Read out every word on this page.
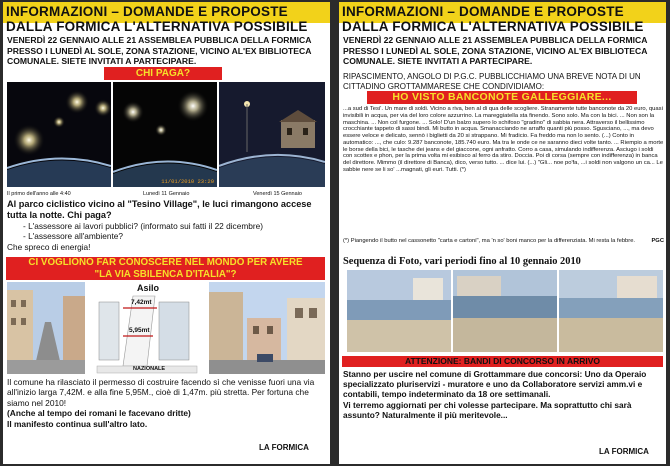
INFORMAZIONI – DOMANDE E PROPOSTE
DALLA FORMICA L'ALTERNATIVA POSSIBILE
VENERDÌ 22 GENNAIO ALLE 21 ASSEMBLEA PUBBLICA DELLA FORMICA PRESSO I LUNEDÌ AL SOLE, ZONA STAZIONE, VICINO AL'EX BIBLIOTECA COMUNALE. SIETE INVITATI A PARTECIPARE.
CHI PAGA?
11/01/2010 23:20
Il primo dell'anno alle 4:40	Lunedì 11 Gennaio	Venerdì 15 Gennaio
Al parco ciclistico vicino al "Tesino Village", le luci rimangono accese tutta la notte. Chi paga?
- L'assessore ai lavori pubblici? (informato sui fatti il 22 dicembre)
- L'assessore all'ambiente?
Che spreco di energia!
CI VOGLIONO FAR CONOSCERE NEL MONDO PER AVERE
"LA VIA SBILENCA D'ITALIA"?
Asilo
7,42mt
5,95mt
NAZIONALE
Il comune ha rilasciato il permesso di costruire facendo sì che venisse fuori una via all'inizio larga 7,42M. e alla fine 5,95M., cioè di 1,47m. più stretta. Per fortuna che siamo nel 2010!
(Anche al tempo dei romani le facevano dritte)
Il manifesto continua sull'altro lato.
LA FORMICA
INFORMAZIONI – DOMANDE E PROPOSTE
DALLA FORMICA L'ALTERNATIVA POSSIBILE
VENERDÌ 22 GENNAIO ALLE 21 ASSEMBLEA PUBBLICA DELLA FORMICA PRESSO I LUNEDÌ AL SOLE, ZONA STAZIONE, VICINO AL'EX BIBLIOTECA COMUNALE. SIETE INVITATI A PARTECIPARE.
RIPASCIMENTO, ANGOLO DI P.G.C. PUBBLICCHIAMO UNA BREVE NOTA DI UN CITTADINO GROTTAMMARESE CHE CONDIVIDIAMO:
HO VISTO BANCONOTE GALLEGGIARE...
...a sud di Tesi'. Un mare di soldi. Vicino a riva, ben al di qua delle scogliere. Stranamente tutte banconote da 20 euro, quasi invisibili in acqua, per via del loro colore azzurrino. La mareggiatella sta finendo. Sono solo. Ma con la bici. ... Non son la maschina. ... Non col furgone. ... Solo! D'un balzo supero lo schifoso "gradino" di sabbia nera. Attraverso il bellissimo crocchiante tappeto di sassi bindi. Mi butto in acqua. Smanacciando ne arraffo quanti più posso. Sgusciano, ..., ma devo essere veloce e delicato, sennò i biglietti da 20 si strappano. Mi fradicio. Fa freddo ma non lo sento. (...) Conto in automatico: ..., che culo: 9.287 banconote, 185.740 euro. Ma tra le onde ce ne saranno dieci volte tanto. ... Riempio a morte le borse della bici, le tasche dei jeans e del giaccone, ogni anfratto. Corro a casa, simulando indifferenza. Asciugo i soldi con scottex e phon, per la prima volta mi esibisco al ferro da stiro. Doccia. Poi di corsa (sempre con indifferenza) in banca del direttore. Mimmo (il direttore di Banca), dico, verso tutto. ... dice lui. (...) "Gli... noe po'fa, ...i soldi non valgono un ca... Le sabbie nere se li so' ...magnati, gli euri. Tutti. (*)
(*) Piangendo il butto nel cassonetto "carta e cartoni", ma 'n so' boni manco per la differenziata. Mi resta la febbre.	PGC
Sequenza di Foto, vari periodi fino al 10 gennaio 2010
ATTENZIONE: BANDI DI CONCORSO IN ARRIVO
Stanno per uscire nel comune di Grottammare due concorsi: Uno da Operaio specializzato pluriservizi - muratore e uno da Collaboratore servizi amm.vi e contabili, tempo indeterminato da 18 ore settimanali.
Vi terremo aggiornati per chi volesse partecipare. Ma soprattutto chi sarà assunto? Naturalmente il più meritevole...
LA FORMICA
